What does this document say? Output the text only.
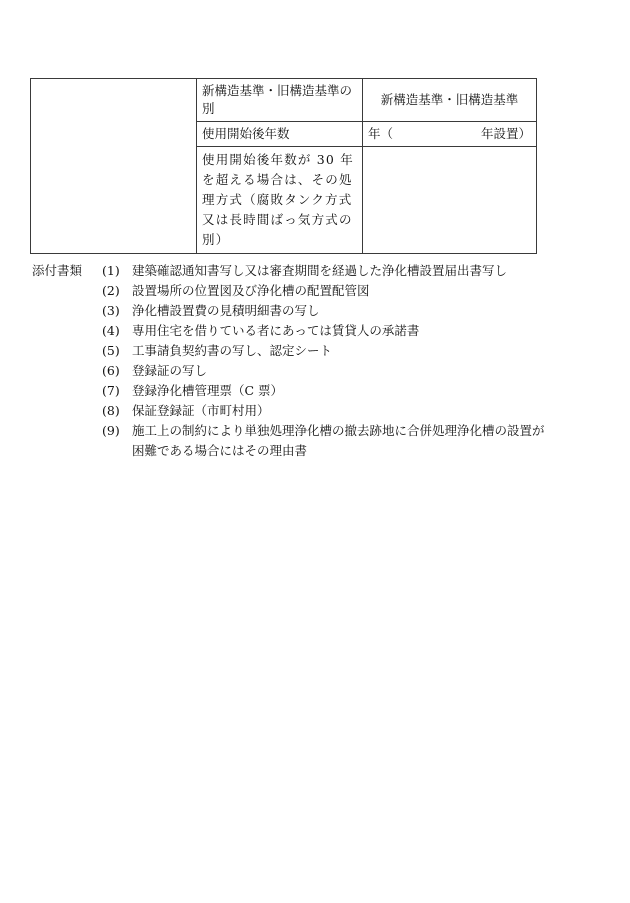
	新構造基準・旧構造基準の別	新構造基準・旧構造基準
	使用開始後年数	年（ 年設置）

	使用開始後年数が 30 年を超える場合は、その処理方式（腐敗タンク方式又は長時間ばっ気方式の別）	
添付書類	(1) 建築確認通知書写し又は審査期間を経過した浄化槽設置届出書写し
(2) 設置場所の位置図及び浄化槽の配置配管図
(3) 浄化槽設置費の見積明細書の写し
(4) 専用住宅を借りている者にあっては賃貸人の承諾書
(5) 工事請負契約書の写し、認定シート
(6) 登録証の写し
(7) 登録浄化槽管理票（C 票）
(8) 保証登録証（市町村用）
(9) 施工上の制約により単独処理浄化槽の撤去跡地に合併処理浄化槽の設置が
困難である場合にはその理由書
